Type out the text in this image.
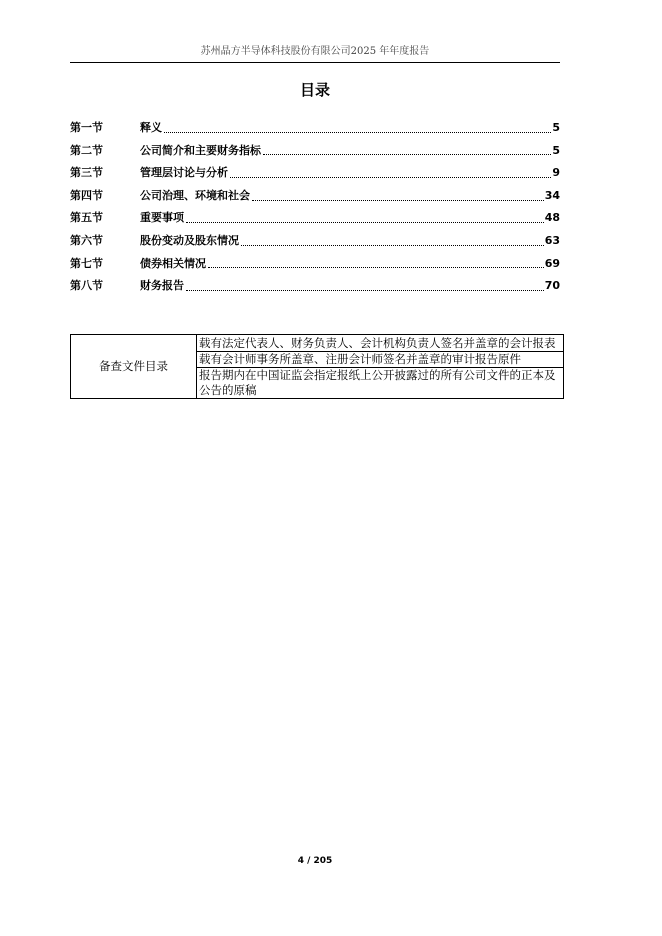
苏州晶方半导体科技股份有限公司2025 年年度报告
目录
第一节	释义	5
第二节	公司简介和主要财务指标	5
第三节	管理层讨论与分析	9
第四节	公司治理、环境和社会	34
第五节	重要事项	48
第六节	股份变动及股东情况	63
第七节	债券相关情况	69
第八节	财务报告	70
备查文件目录	载有法定代表人、财务负责人、会计机构负责人签名并盖章的会计报表
载有会计师事务所盖章、注册会计师签名并盖章的审计报告原件
报告期内在中国证监会指定报纸上公开披露过的所有公司文件的正本及公告的原稿
4 / 205
